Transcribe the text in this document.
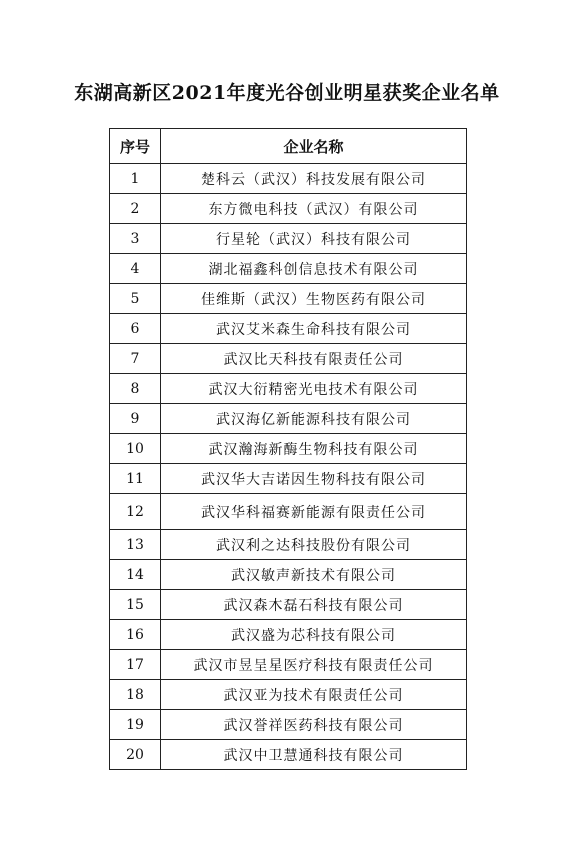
东湖高新区2021年度光谷创业明星获奖企业名单
序号	企业名称
1	楚科云（武汉）科技发展有限公司
2	东方微电科技（武汉）有限公司
3	行星轮（武汉）科技有限公司
4	湖北福鑫科创信息技术有限公司
5	佳维斯（武汉）生物医药有限公司
6	武汉艾米森生命科技有限公司
7	武汉比天科技有限责任公司
8	武汉大衍精密光电技术有限公司
9	武汉海亿新能源科技有限公司
10	武汉瀚海新酶生物科技有限公司
11	武汉华大吉诺因生物科技有限公司
12	武汉华科福赛新能源有限责任公司
13	武汉利之达科技股份有限公司
14	武汉敏声新技术有限公司
15	武汉森木磊石科技有限公司
16	武汉盛为芯科技有限公司
17	武汉市昱呈星医疗科技有限责任公司
18	武汉亚为技术有限责任公司
19	武汉誉祥医药科技有限公司
20	武汉中卫慧通科技有限公司
